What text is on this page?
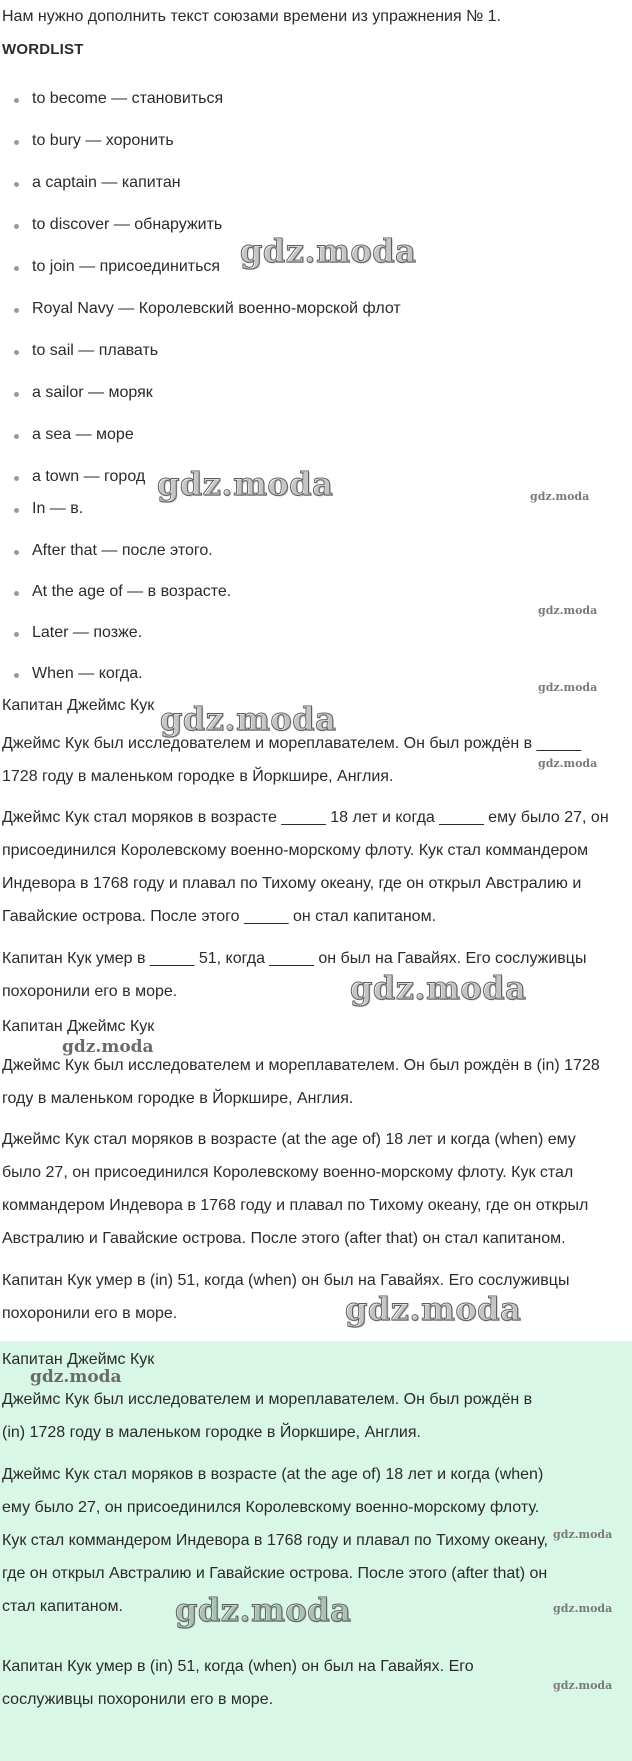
Нам нужно дополнить текст союзами времени из упражнения № 1.
WORDLIST
to become — становиться
to bury — хоронить
a captain — капитан
to discover — обнаружить
to join — присоединиться
Royal Navy — Королевский военно-морской флот
to sail — плавать
a sailor — моряк
a sea — море
a town — город
In — в.
After that — после этого.
At the age of — в возрасте.
Later — позже.
When — когда.
Капитан Джеймс Кук
Джеймс Кук был исследователем и мореплавателем. Он был рождён в _____
1728 году в маленьком городке в Йоркшире, Англия.
Джеймс Кук стал моряков в возрасте _____ 18 лет и когда _____ ему было 27, он
присоединился Королевскому военно-морскому флоту. Кук стал коммандером
Индевора в 1768 году и плавал по Тихому океану, где он открыл Австралию и
Гавайские острова. После этого _____ он стал капитаном.
Капитан Кук умер в _____ 51, когда _____ он был на Гавайях. Его сослуживцы
похоронили его в море.
Капитан Джеймс Кук
Джеймс Кук был исследователем и мореплавателем. Он был рождён в (in) 1728
году в маленьком городке в Йоркшире, Англия.
Джеймс Кук стал моряков в возрасте (at the age of) 18 лет и когда (when) ему
было 27, он присоединился Королевскому военно-морскому флоту. Кук стал
коммандером Индевора в 1768 году и плавал по Тихому океану, где он открыл
Австралию и Гавайские острова. После этого (after that) он стал капитаном.
Капитан Кук умер в (in) 51, когда (when) он был на Гавайях. Его сослуживцы
похоронили его в море.
Капитан Джеймс Кук
Джеймс Кук был исследователем и мореплавателем. Он был рождён в
(in) 1728 году в маленьком городке в Йоркшире, Англия.
Джеймс Кук стал моряков в возрасте (at the age of) 18 лет и когда (when)
ему было 27, он присоединился Королевскому военно-морскому флоту.
Кук стал коммандером Индевора в 1768 году и плавал по Тихому океану,
где он открыл Австралию и Гавайские острова. После этого (after that) он
стал капитаном.
Капитан Кук умер в (in) 51, когда (when) он был на Гавайях. Его
сослуживцы похоронили его в море.
gdz.moda
gdz.moda	gdz.moda
gdz.moda
gdz.moda
gdz.moda
gdz.moda
gdz.moda
gdz.moda
gdz.moda
gdz.moda
gdz.moda
gdz.moda
gdz.moda
